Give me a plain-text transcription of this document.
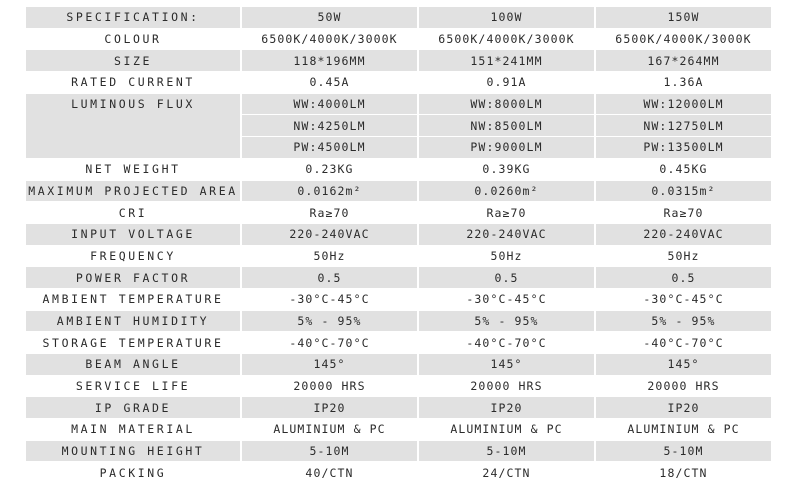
SPECIFICATION:	50W	100W	150W
COLOUR	6500K/4000K/3000K	6500K/4000K/3000K	6500K/4000K/3000K
SIZE	118*196MM	151*241MM	167*264MM
RATED CURRENT	0.45A	0.91A	1.36A
LUMINOUS FLUX	WW:4000LM	WW:8000LM	WW:12000LM
	NW:4250LM	NW:8500LM	NW:12750LM
	PW:4500LM	PW:9000LM	PW:13500LM
NET WEIGHT	0.23KG	0.39KG	0.45KG
MAXIMUM PROJECTED AREA	0.0162m²	0.0260m²	0.0315m²
CRI	Ra≥70	Ra≥70	Ra≥70
INPUT VOLTAGE	220-240VAC	220-240VAC	220-240VAC
FREQUENCY	50Hz	50Hz	50Hz
POWER FACTOR	0.5	0.5	0.5
AMBIENT TEMPERATURE	-30°C-45°C	-30°C-45°C	-30°C-45°C
AMBIENT HUMIDITY	5% - 95%	5% - 95%	5% - 95%
STORAGE TEMPERATURE	-40°C-70°C	-40°C-70°C	-40°C-70°C
BEAM ANGLE	145°	145°	145°
SERVICE LIFE	20000 HRS	20000 HRS	20000 HRS
IP GRADE	IP20	IP20	IP20
MAIN MATERIAL	ALUMINIUM & PC	ALUMINIUM & PC	ALUMINIUM & PC
MOUNTING HEIGHT	5-10M	5-10M	5-10M
PACKING	40/CTN	24/CTN	18/CTN
